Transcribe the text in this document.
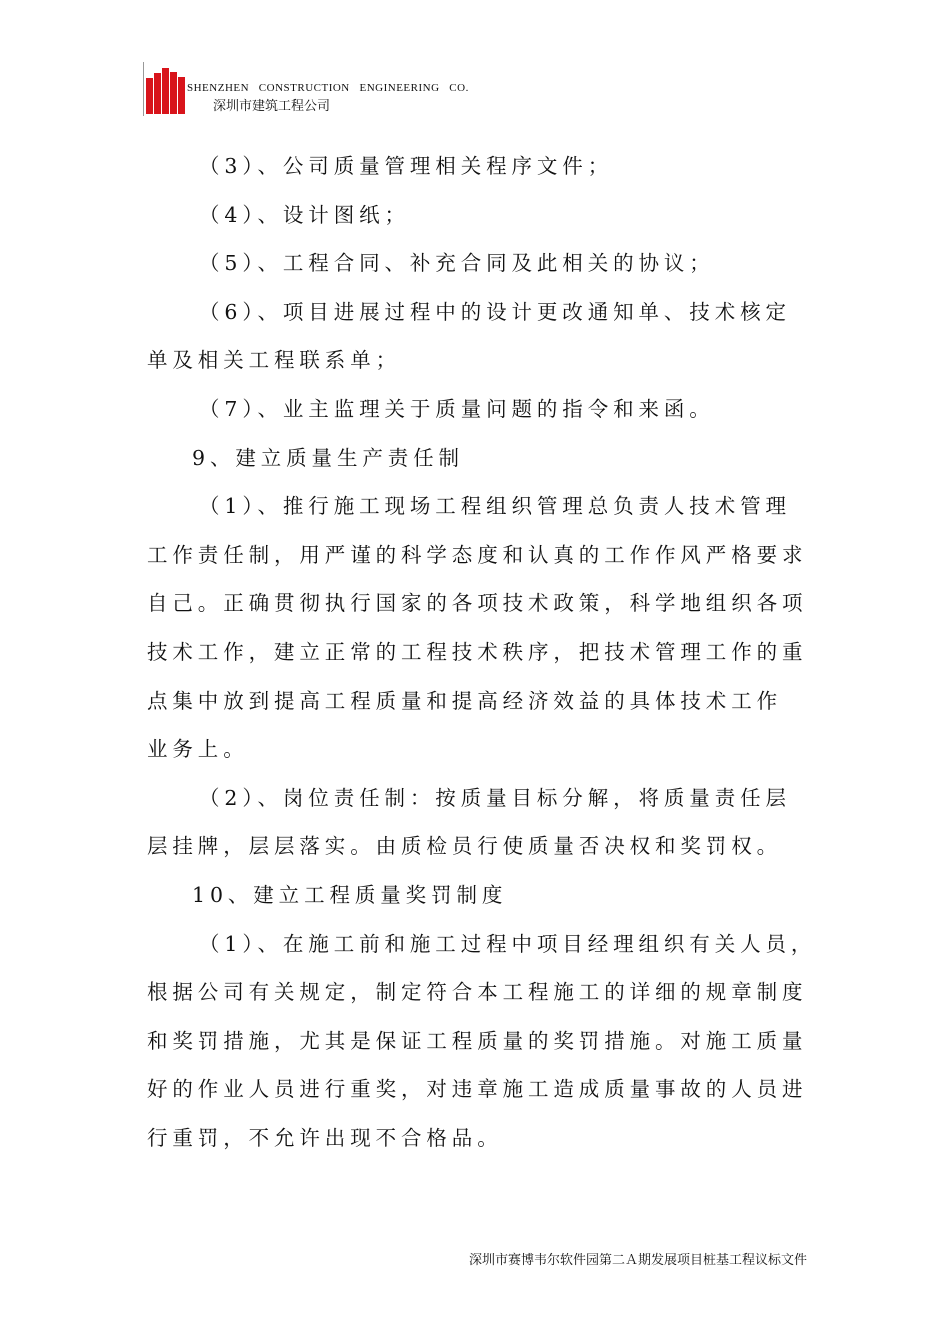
SHENZHEN   CONSTRUCTION   ENGINEERING   CO.
深圳市建筑工程公司
（3）、公司质量管理相关程序文件；
（4）、设计图纸；
（5）、工程合同、补充合同及此相关的协议；
（6）、项目进展过程中的设计更改通知单、技术核定
单及相关工程联系单；
（7）、业主监理关于质量问题的指令和来函。
9、建立质量生产责任制
（1）、推行施工现场工程组织管理总负责人技术管理
工作责任制，用严谨的科学态度和认真的工作作风严格要求
自己。正确贯彻执行国家的各项技术政策，科学地组织各项
技术工作，建立正常的工程技术秩序，把技术管理工作的重
点集中放到提高工程质量和提高经济效益的具体技术工作
业务上。
（2）、岗位责任制：按质量目标分解，将质量责任层
层挂牌，层层落实。由质检员行使质量否决权和奖罚权。
10、建立工程质量奖罚制度
（1）、在施工前和施工过程中项目经理组织有关人员，
根据公司有关规定，制定符合本工程施工的详细的规章制度
和奖罚措施，尤其是保证工程质量的奖罚措施。对施工质量
好的作业人员进行重奖，对违章施工造成质量事故的人员进
行重罚，不允许出现不合格品。
深圳市赛博韦尔软件园第二Ａ期发展项目桩基工程议标文件
